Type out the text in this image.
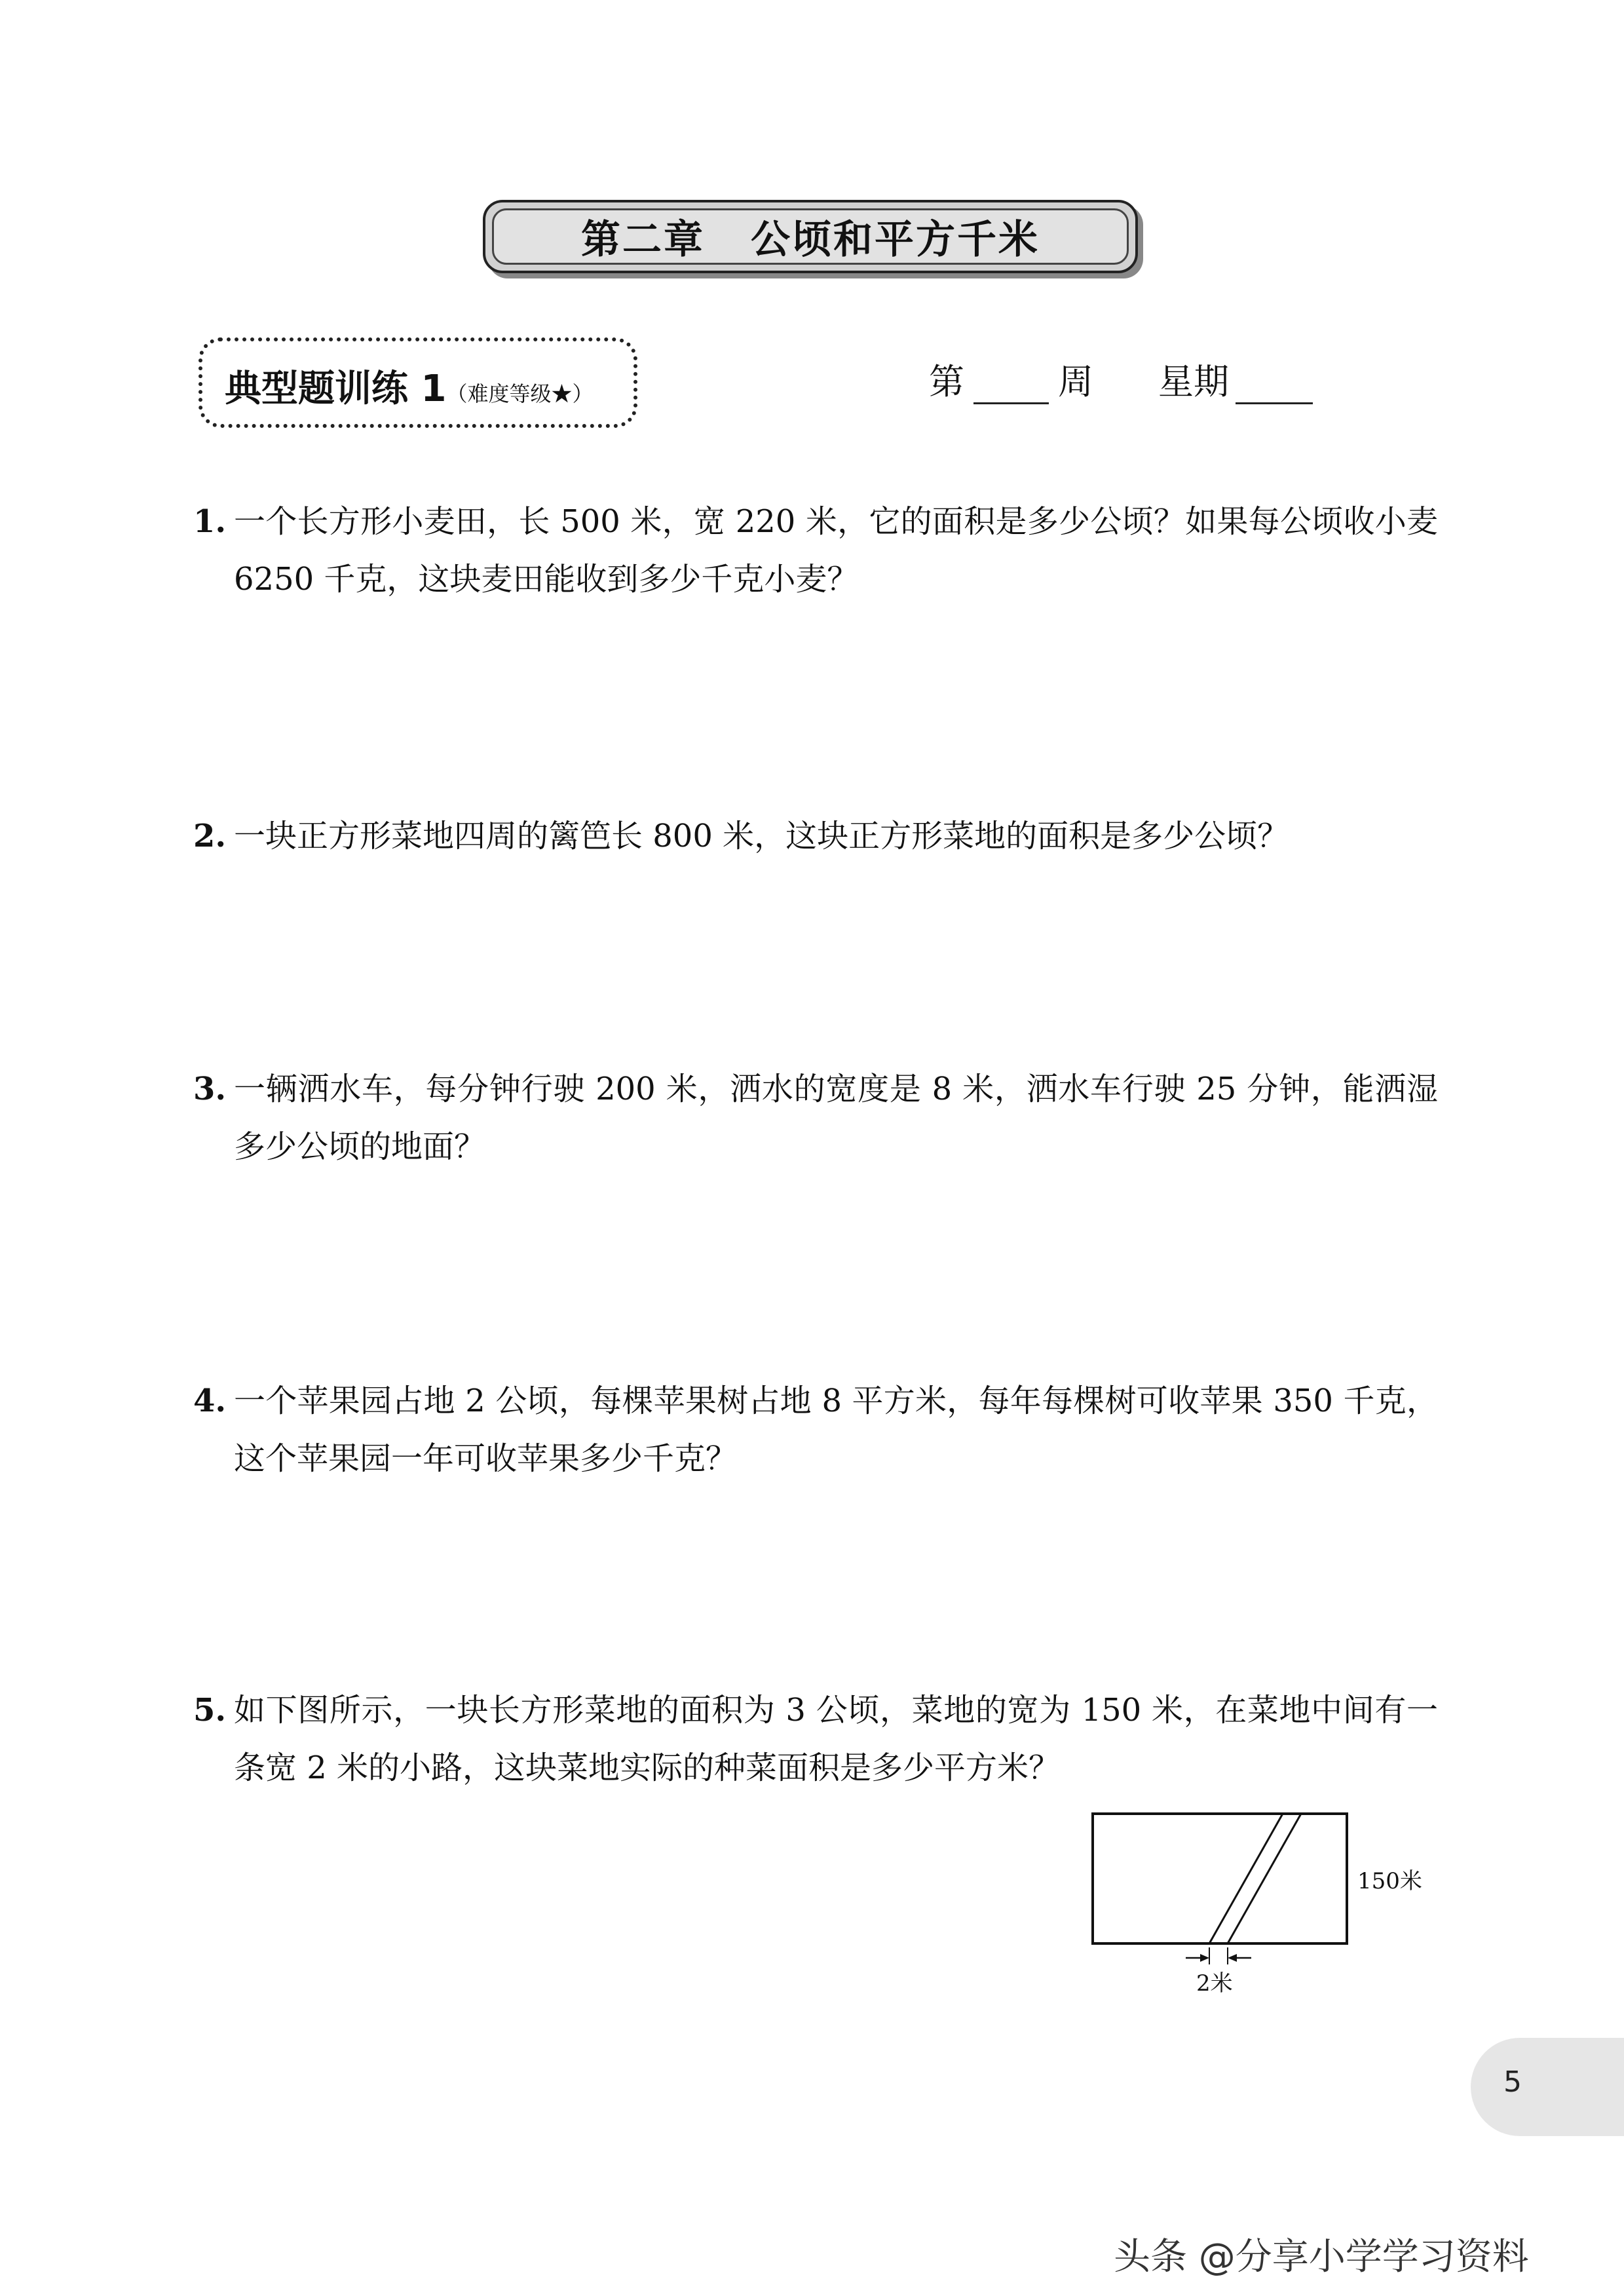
第二章 公顷和平方千米
典型题训练 1（难度等级★）	第	周 星期
1. 一个长方形小麦田，长 500 米，宽 220 米，它的面积是多少公顷？如果每公顷收小麦 6250 千克，这块麦田能收到多少千克小麦？
2. 一块正方形菜地四周的篱笆长 800 米，这块正方形菜地的面积是多少公顷？
3. 一辆洒水车，每分钟行驶 200 米，洒水的宽度是 8 米，洒水车行驶 25 分钟，能洒湿多少公顷的地面？
4. 一个苹果园占地 2 公顷，每棵苹果树占地 8 平方米，每年每棵树可收苹果 350 千克，这个苹果园一年可收苹果多少千克？
5. 如下图所示，一块长方形菜地的面积为 3 公顷，菜地的宽为 150 米，在菜地中间有一条宽 2 米的小路，这块菜地实际的种菜面积是多少平方米？
2米
150米
5
头条 @分享小学学习资料
